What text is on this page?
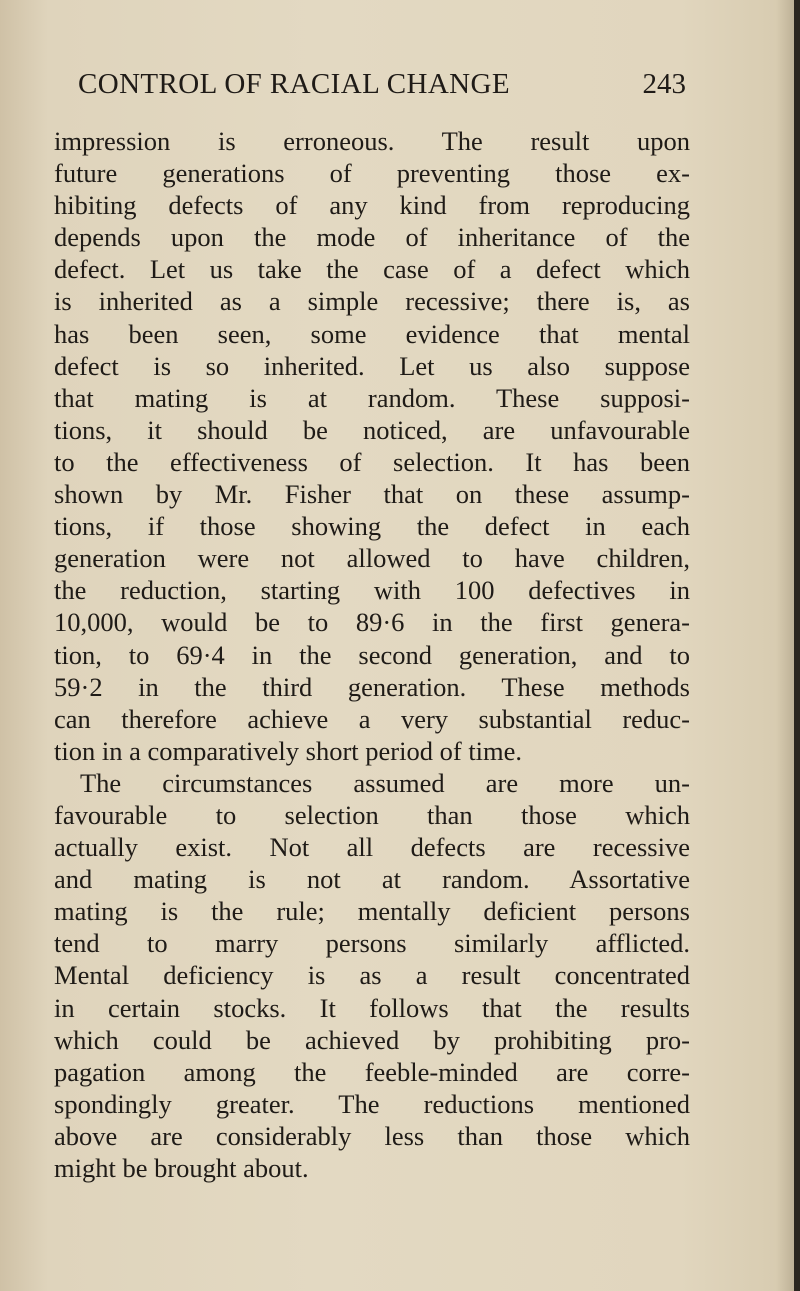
CONTROL OF RACIAL CHANGE	243
impression is erroneous. The result upon
future generations of preventing those ex-
hibiting defects of any kind from reproducing
depends upon the mode of inheritance of the
defect. Let us take the case of a defect which
is inherited as a simple recessive; there is, as
has been seen, some evidence that mental
defect is so inherited. Let us also suppose
that mating is at random. These supposi-
tions, it should be noticed, are unfavourable
to the effectiveness of selection. It has been
shown by Mr. Fisher that on these assump-
tions, if those showing the defect in each
generation were not allowed to have children,
the reduction, starting with 100 defectives in
10,000, would be to 89·6 in the first genera-
tion, to 69·4 in the second generation, and to
59·2 in the third generation. These methods
can therefore achieve a very substantial reduc-
tion in a comparatively short period of time.
The circumstances assumed are more un-
favourable to selection than those which
actually exist. Not all defects are recessive
and mating is not at random. Assortative
mating is the rule; mentally deficient persons
tend to marry persons similarly afflicted.
Mental deficiency is as a result concentrated
in certain stocks. It follows that the results
which could be achieved by prohibiting pro-
pagation among the feeble-minded are corre-
spondingly greater. The reductions mentioned
above are considerably less than those which
might be brought about.
